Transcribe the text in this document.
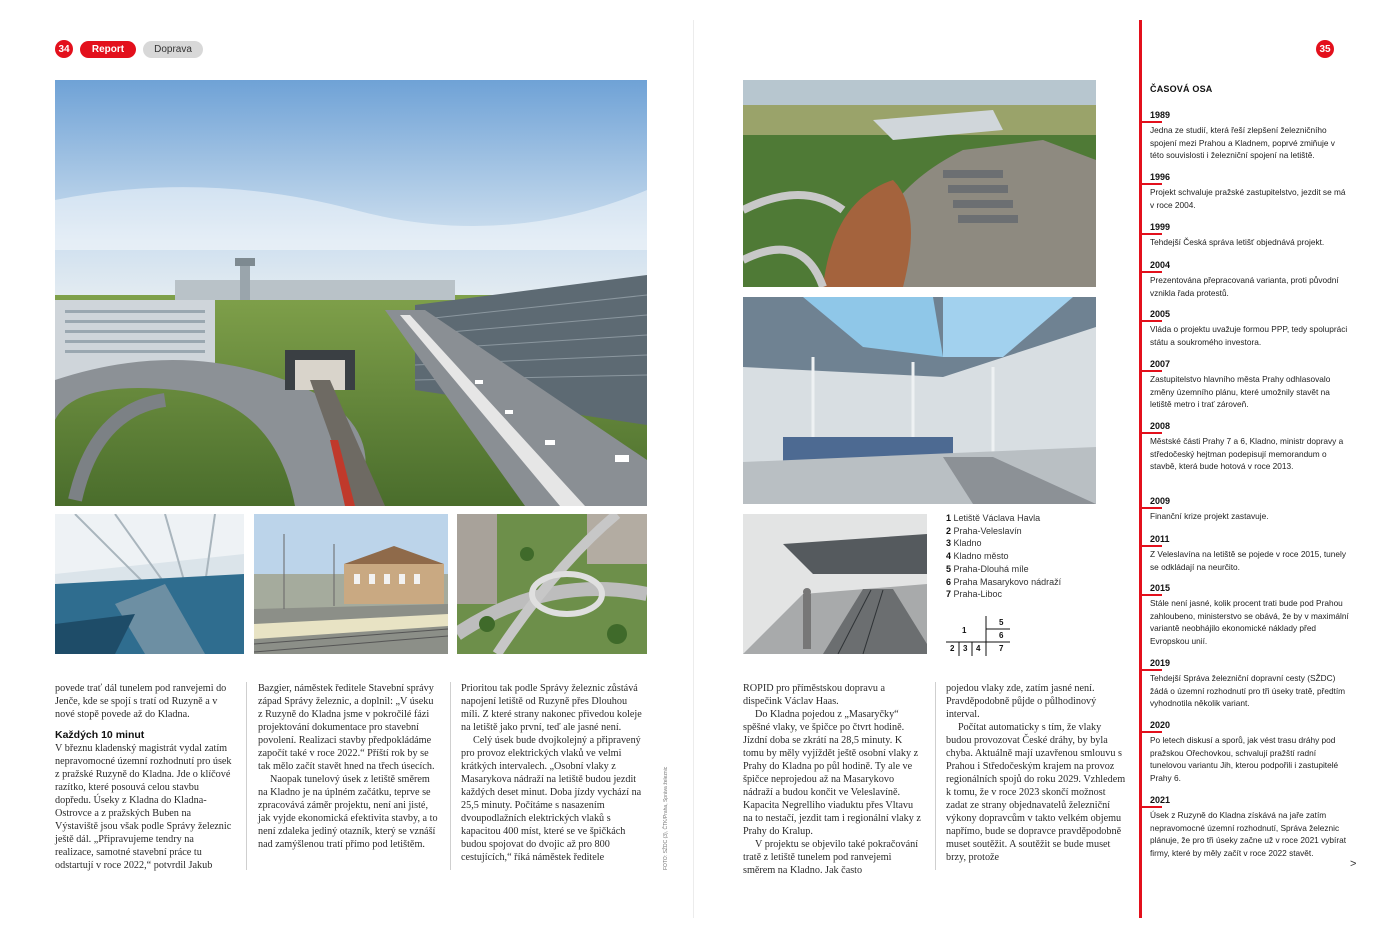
34	Report	Doprava	35
1 Letiště Václava Havla
2 Praha-Veleslavín
3 Kladno
4 Kladno město
5 Praha-Dlouhá míle
6 Praha Masarykovo nádraží
7 Praha-Liboc
1
2 3 4
5
6
7

povede trať dál tunelem pod ranvejemi do Jenče, kde se spojí s tratí od Ruzyně a v nové stopě povede až do Kladna.

Každých 10 minut

V březnu kladenský magistrát vydal zatím nepravomocné územní rozhodnutí pro úsek z pražské Ruzyně do Kladna. Jde o klíčové razítko, které posouvá celou stavbu dopředu. Úseky z Kladna do Kladna-Ostrovce a z pražských Buben na Výstaviště jsou však podle Správy železnic ještě dál. „Připravujeme tendry na realizace, samotné stavební práce tu odstartují v roce 2022,“ potvrdil Jakub

Bazgier, náměstek ředitele Stavební správy západ Správy železnic, a doplnil: „V úseku z Ruzyně do Kladna jsme v pokročilé fázi projektování dokumentace pro stavební povolení. Realizaci stavby předpokládáme započít také v roce 2022.“ Příští rok by se tak mělo začít stavět hned na třech úsecích.

Naopak tunelový úsek z letiště směrem na Kladno je na úplném začátku, teprve se zpracovává záměr projektu, není ani jisté, jak vyjde ekonomická efektivita stavby, a to není zdaleka jediný otazník, který se vznáší nad zamýšlenou tratí přímo pod letištěm.

Prioritou tak podle Správy železnic zůstává napojení letiště od Ruzyně přes Dlouhou míli. Z které strany nakonec přivedou koleje na letiště jako první, teď ale jasné není.

Celý úsek bude dvojkolejný a připravený pro provoz elektrických vlaků ve velmi krátkých intervalech. „Osobní vlaky z Masarykova nádraží na letiště budou jezdit každých deset minut. Doba jízdy vychází na 25,5 minuty. Počítáme s nasazením dvoupodlažních elektrických vlaků s kapacitou 400 míst, které se ve špičkách budou spojovat do dvojic až pro 800 cestujících,“ říká náměstek ředitele	FOTO: SŽDC (3), ČTK/Praha, Správa železnic

ROPID pro příměstskou dopravu a dispečink Václav Haas.

Do Kladna pojedou z „Masaryčky“ spěšné vlaky, ve špičce po čtvrt hodině. Jízdní doba se zkrátí na 28,5 minuty. K tomu by měly vyjíždět ještě osobní vlaky z Prahy do Kladna po půl hodině. Ty ale ve špičce neprojedou až na Masarykovo nádraží a budou končit ve Veleslavíně. Kapacita Negrelliho viaduktu přes Vltavu na to nestačí, jezdit tam i regionální vlaky z Prahy do Kralup.

V projektu se objevilo také pokračování tratě z letiště tunelem pod ranvejemi směrem na Kladno. Jak často

pojedou vlaky zde, zatím jasné není. Pravděpodobně půjde o půlhodinový interval.

Počítat automaticky s tím, že vlaky budou provozovat České dráhy, by byla chyba. Aktuálně mají uzavřenou smlouvu s Prahou i Středočeským krajem na provoz regionálních spojů do roku 2029. Vzhledem k tomu, že v roce 2023 skončí možnost zadat ze strany objednavatelů železniční výkony dopravcům v takto velkém objemu napřímo, bude se dopravce pravděpodobně muset soutěžit. A soutěžit se bude muset brzy, protože

ČASOVÁ OSA
1989
Jedna ze studií, která řeší zlepšení železničního spojení mezi Prahou a Kladnem, poprvé zmiňuje v této souvislosti i železniční spojení na letiště.
1996
Projekt schvaluje pražské zastupitelstvo, jezdit se má v roce 2004.
1999
Tehdejší Česká správa letišť objednává projekt.
2004
Prezentována přepracovaná varianta, proti původní vznikla řada protestů.
2005
Vláda o projektu uvažuje formou PPP, tedy spolupráci státu a soukromého investora.
2007
Zastupitelstvo hlavního města Prahy odhlasovalo změny územního plánu, které umožnily stavět na letiště metro i trať zároveň.
2008
Městské části Prahy 7 a 6, Kladno, ministr dopravy a středočeský hejtman podepisují memorandum o stavbě, která bude hotová v roce 2013.
2009
Finanční krize projekt zastavuje.
2011
Z Veleslavína na letiště se pojede v roce 2015, tunely se odkládají na neurčito.
2015
Stále není jasné, kolik procent trati bude pod Prahou zahloubeno, ministerstvo se obává, že by v maximální variantě neobhájilo ekonomické náklady před Evropskou unií.
2019
Tehdejší Správa železniční dopravní cesty (SŽDC) žádá o územní rozhodnutí pro tři úseky tratě, předtím vyhodnotila několik variant.
2020
Po letech diskusí a sporů, jak vést trasu dráhy pod pražskou Ořechovkou, schvalují pražští radní tunelovou variantu Jih, kterou podpořili i zastupitelé Prahy 6.
2021
Úsek z Ruzyně do Kladna získává na jaře zatím nepravomocné územní rozhodnutí, Správa železnic plánuje, že pro tři úseky začne už v roce 2021 vybírat firmy, které by měly začít v roce 2022 stavět.
>
